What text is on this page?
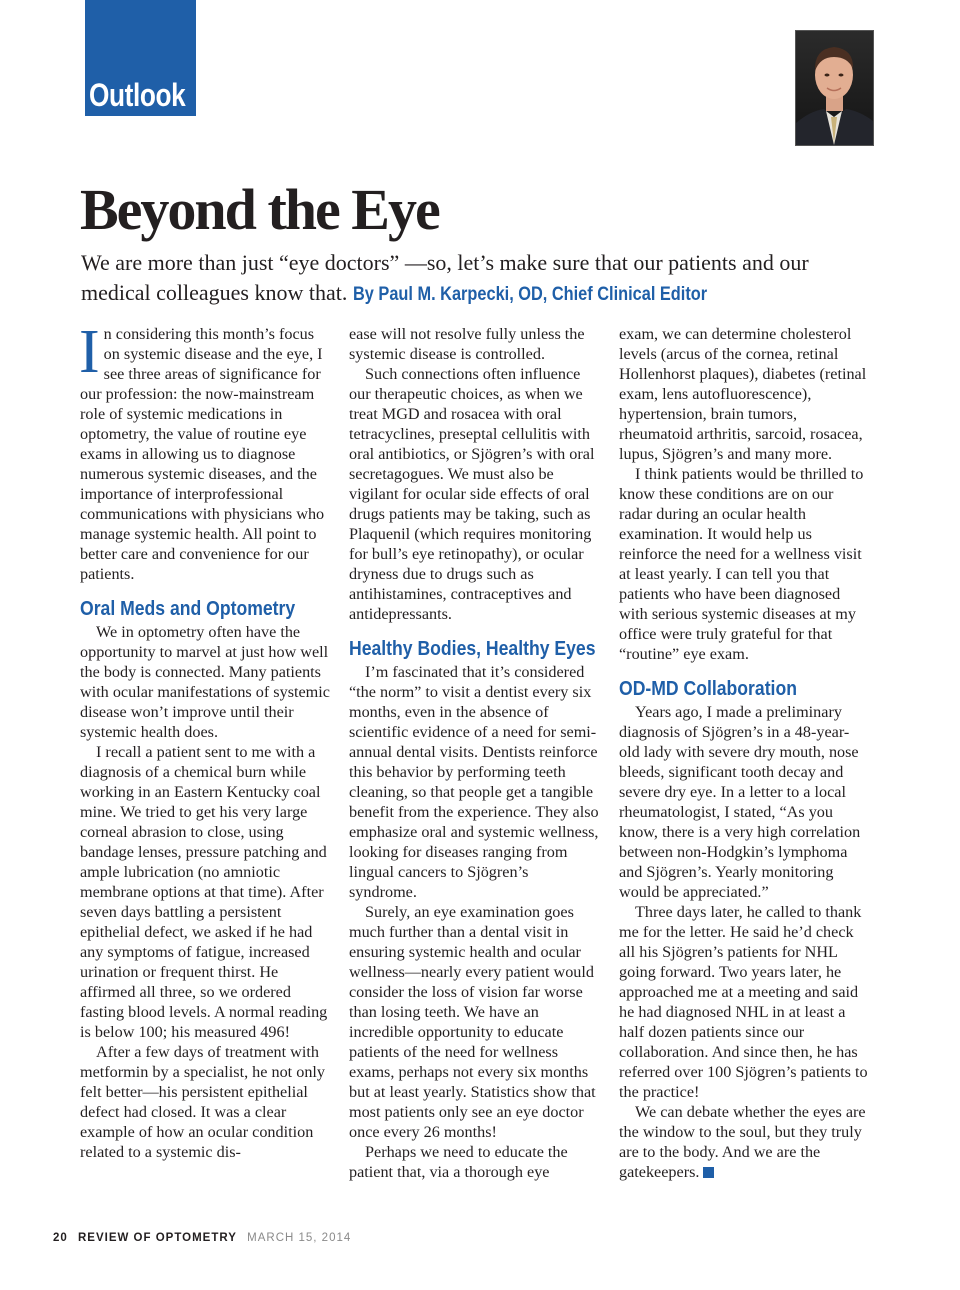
Outlook
Beyond the Eye
We are more than just “eye doctors” —so, let’s make sure that our patients and our medical colleagues know that. By Paul M. Karpecki, OD, Chief Clinical Editor

In considering this month’s focus on systemic disease and the eye, I see three areas of significance for our profession: the now-mainstream role of systemic medications in optometry, the value of routine eye exams in allowing us to diagnose numerous systemic diseases, and the importance of interprofessional communications with physicians who manage systemic health. All point to better care and convenience for our patients.

Oral Meds and Optometry

We in optometry often have the opportunity to marvel at just how well the body is connected. Many patients with ocular manifestations of systemic disease won’t improve until their systemic health does.

I recall a patient sent to me with a diagnosis of a chemical burn while working in an Eastern Kentucky coal mine. We tried to get his very large corneal abrasion to close, using bandage lenses, pressure patching and ample lubrication (no amniotic membrane options at that time). After seven days battling a persistent epithelial defect, we asked if he had any symptoms of fatigue, increased urination or frequent thirst. He affirmed all three, so we ordered fasting blood levels. A normal reading is below 100; his measured 496!

After a few days of treatment with metformin by a specialist, he not only felt better—his persistent epithelial defect had closed. It was a clear example of how an ocular condition related to a systemic dis-

ease will not resolve fully unless the systemic disease is controlled.

Such connections often influence our therapeutic choices, as when we treat MGD and rosacea with oral tetracyclines, preseptal cellulitis with oral antibiotics, or Sjögren’s with oral secretagogues. We must also be vigilant for ocular side effects of oral drugs patients may be taking, such as Plaquenil (which requires monitoring for bull’s eye retinopathy), or ocular dryness due to drugs such as antihistamines, contraceptives and antidepressants.

Healthy Bodies, Healthy Eyes

I’m fascinated that it’s considered “the norm” to visit a dentist every six months, even in the absence of scientific evidence of a need for semi-annual dental visits. Dentists reinforce this behavior by performing teeth cleaning, so that people get a tangible benefit from the experience. They also emphasize oral and systemic wellness, looking for diseases ranging from lingual cancers to Sjögren’s syndrome.

Surely, an eye examination goes much further than a dental visit in ensuring systemic health and ocular wellness—nearly every patient would consider the loss of vision far worse than losing teeth. We have an incredible opportunity to educate patients of the need for wellness exams, perhaps not every six months but at least yearly. Statistics show that most patients only see an eye doctor once every 26 months!

Perhaps we need to educate the patient that, via a thorough eye

exam, we can determine cholesterol levels (arcus of the cornea, retinal Hollenhorst plaques), diabetes (retinal exam, lens autofluorescence), hypertension, brain tumors, rheumatoid arthritis, sarcoid, rosacea, lupus, Sjögren’s and many more.

I think patients would be thrilled to know these conditions are on our radar during an ocular health examination. It would help us reinforce the need for a wellness visit at least yearly. I can tell you that patients who have been diagnosed with serious systemic diseases at my office were truly grateful for that “routine” eye exam.

OD-MD Collaboration

Years ago, I made a preliminary diagnosis of Sjögren’s in a 48-year-old lady with severe dry mouth, nose bleeds, significant tooth decay and severe dry eye. In a letter to a local rheumatologist, I stated, “As you know, there is a very high correlation between non-Hodgkin’s lymphoma and Sjögren’s. Yearly monitoring would be appreciated.”

Three days later, he called to thank me for the letter. He said he’d check all his Sjögren’s patients for NHL going forward. Two years later, he approached me at a meeting and said he had diagnosed NHL in at least a half dozen patients since our collaboration. And since then, he has referred over 100 Sjögren’s patients to the practice!

We can debate whether the eyes are the window to the soul, but they truly are to the body. And we are the gatekeepers.

20 REVIEW OF OPTOMETRY MARCH 15, 2014
